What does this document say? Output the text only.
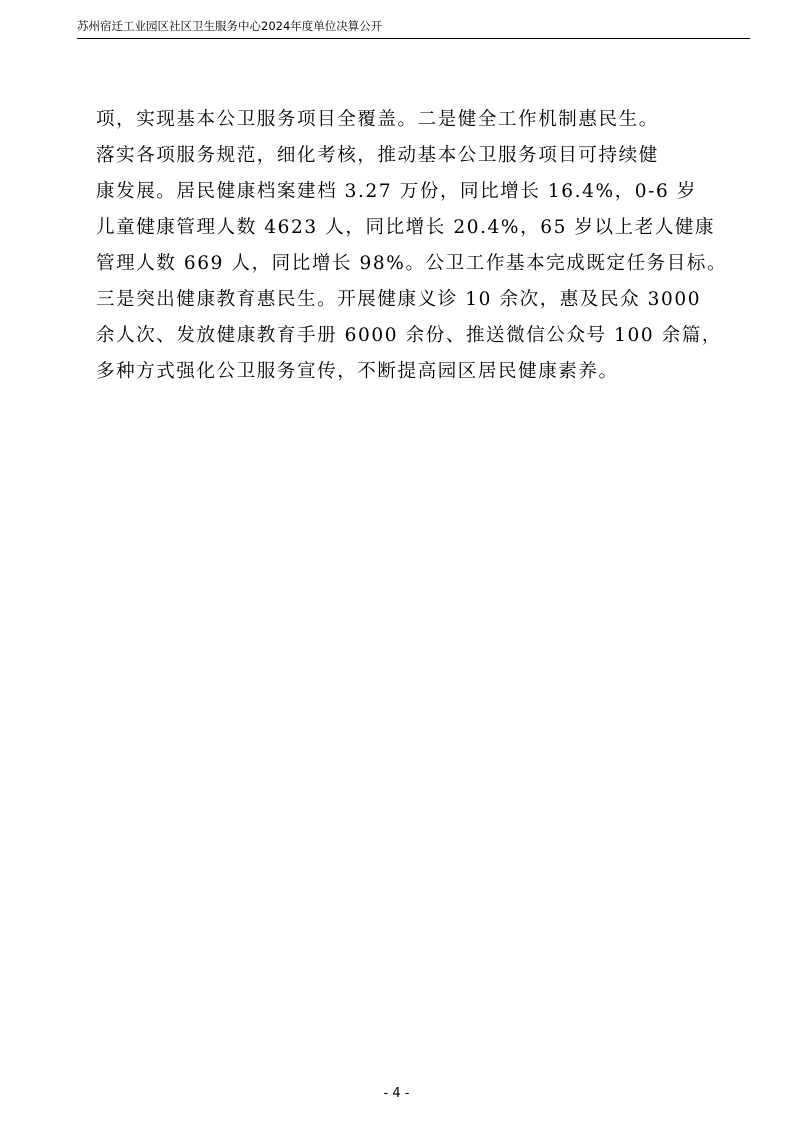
苏州宿迁工业园区社区卫生服务中心2024年度单位决算公开
项，实现基本公卫服务项目全覆盖。二是健全工作机制惠民生。
落实各项服务规范，细化考核，推动基本公卫服务项目可持续健
康发展。居民健康档案建档 3.27 万份，同比增长 16.4%，0-6 岁
儿童健康管理人数 4623 人，同比增长 20.4%，65 岁以上老人健康
管理人数 669 人，同比增长 98%。公卫工作基本完成既定任务目标。
三是突出健康教育惠民生。开展健康义诊 10 余次，惠及民众 3000
余人次、发放健康教育手册 6000 余份、推送微信公众号 100 余篇，
多种方式强化公卫服务宣传，不断提高园区居民健康素养。
- 4 -
